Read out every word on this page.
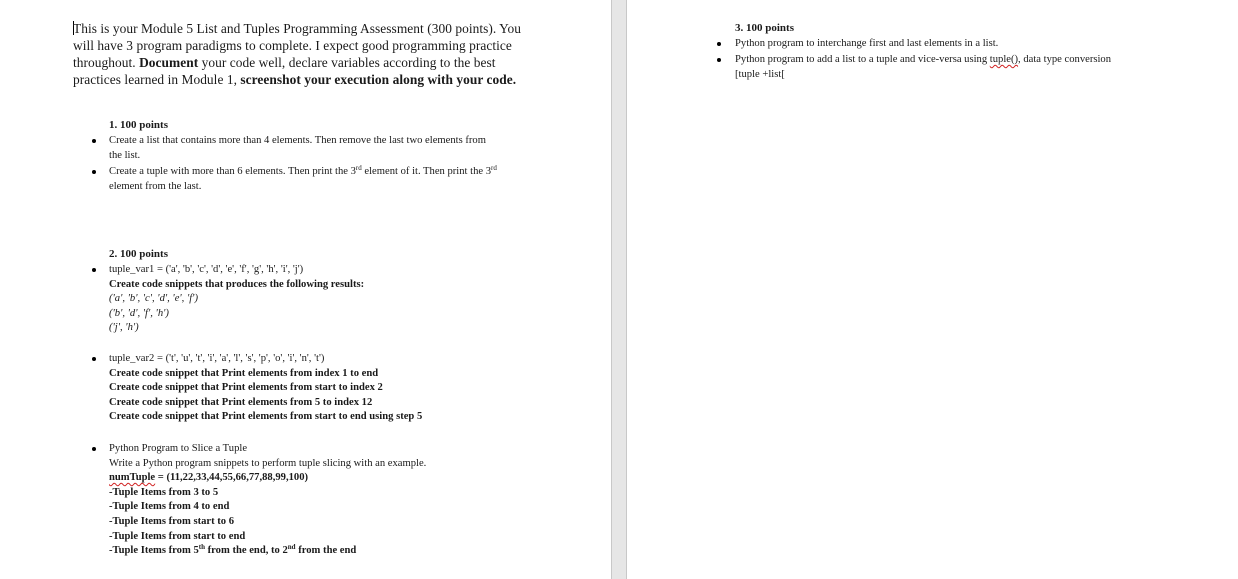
This is your Module 5 List and Tuples Programming Assessment (300 points). You
will have 3 program paradigms to complete. I expect good programming practice
throughout. Document your code well, declare variables according to the best
practices learned in Module 1, screenshot your execution along with your code.
1. 100 points
Create a list that contains more than 4 elements. Then remove the last two elements from
the list.
Create a tuple with more than 6 elements. Then print the 3rd element of it. Then print the 3rd
element from the last.
2. 100 points
tuple_var1 = ('a', 'b', 'c', 'd', 'e', 'f', 'g', 'h', 'i', 'j')
Create code snippets that produces the following results:
('a', 'b', 'c', 'd', 'e', 'f')
('b', 'd', 'f', 'h')
('j', 'h')
tuple_var2 = ('t', 'u', 't', 'i', 'a', 'l', 's', 'p', 'o', 'i', 'n', 't')
Create code snippet that Print elements from index 1 to end
Create code snippet that Print elements from start to index 2
Create code snippet that Print elements from 5 to index 12
Create code snippet that Print elements from start to end using step 5
Python Program to Slice a Tuple
Write a Python program snippets to perform tuple slicing with an example.
numTuple = (11,22,33,44,55,66,77,88,99,100)
-Tuple Items from 3 to 5
-Tuple Items from 4 to end
-Tuple Items from start to 6
-Tuple Items from start to end
-Tuple Items from 5th from the end, to 2nd from the end
3. 100 points
Python program to interchange first and last elements in a list.
Python program to add a list to a tuple and vice-versa using tuple(), data type conversion
[tuple +list[
